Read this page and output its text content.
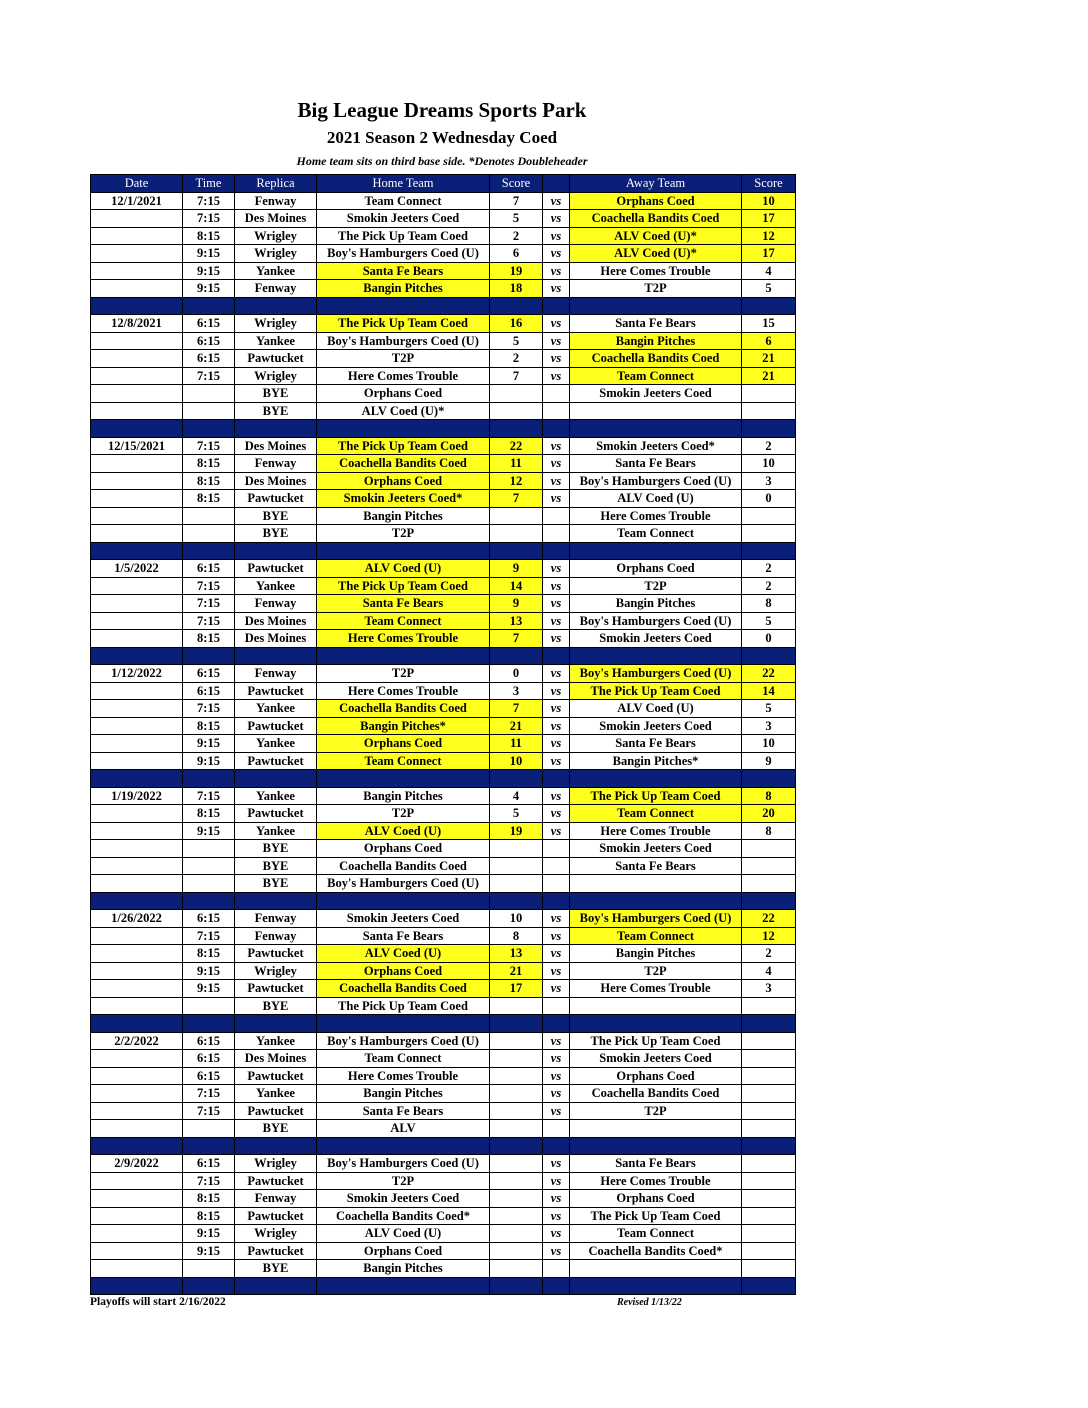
Big League Dreams Sports Park
2021 Season 2 Wednesday Coed
Home team sits on third base side. *Denotes Doubleheader
Date	Time	Replica	Home Team	Score		Away Team	Score
12/1/2021	7:15	Fenway	Team Connect	7	vs	Orphans Coed	10
	7:15	Des Moines	Smokin Jeeters Coed	5	vs	Coachella Bandits Coed	17
	8:15	Wrigley	The Pick Up Team Coed	2	vs	ALV Coed (U)*	12
	9:15	Wrigley	Boy's Hamburgers Coed (U)	6	vs	ALV Coed (U)*	17
	9:15	Yankee	Santa Fe Bears	19	vs	Here Comes Trouble	4
	9:15	Fenway	Bangin Pitches	18	vs	T2P	5

12/8/2021	6:15	Wrigley	The Pick Up Team Coed	16	vs	Santa Fe Bears	15
	6:15	Yankee	Boy's Hamburgers Coed (U)	5	vs	Bangin Pitches	6
	6:15	Pawtucket	T2P	2	vs	Coachella Bandits Coed	21
	7:15	Wrigley	Here Comes Trouble	7	vs	Team Connect	21
		BYE	Orphans Coed			Smokin Jeeters Coed	
		BYE	ALV Coed (U)*				

12/15/2021	7:15	Des Moines	The Pick Up Team Coed	22	vs	Smokin Jeeters Coed*	2
	8:15	Fenway	Coachella Bandits Coed	11	vs	Santa Fe Bears	10
	8:15	Des Moines	Orphans Coed	12	vs	Boy's Hamburgers Coed (U)	3
	8:15	Pawtucket	Smokin Jeeters Coed*	7	vs	ALV Coed (U)	0
		BYE	Bangin Pitches			Here Comes Trouble	
		BYE	T2P			Team Connect	

1/5/2022	6:15	Pawtucket	ALV Coed (U)	9	vs	Orphans Coed	2
	7:15	Yankee	The Pick Up Team Coed	14	vs	T2P	2
	7:15	Fenway	Santa Fe Bears	9	vs	Bangin Pitches	8
	7:15	Des Moines	Team Connect	13	vs	Boy's Hamburgers Coed (U)	5
	8:15	Des Moines	Here Comes Trouble	7	vs	Smokin Jeeters Coed	0

1/12/2022	6:15	Fenway	T2P	0	vs	Boy's Hamburgers Coed (U)	22
	6:15	Pawtucket	Here Comes Trouble	3	vs	The Pick Up Team Coed	14
	7:15	Yankee	Coachella Bandits Coed	7	vs	ALV Coed (U)	5
	8:15	Pawtucket	Bangin Pitches*	21	vs	Smokin Jeeters Coed	3
	9:15	Yankee	Orphans Coed	11	vs	Santa Fe Bears	10
	9:15	Pawtucket	Team Connect	10	vs	Bangin Pitches*	9

1/19/2022	7:15	Yankee	Bangin Pitches	4	vs	The Pick Up Team Coed	8
	8:15	Pawtucket	T2P	5	vs	Team Connect	20
	9:15	Yankee	ALV Coed (U)	19	vs	Here Comes Trouble	8
		BYE	Orphans Coed			Smokin Jeeters Coed	
		BYE	Coachella Bandits Coed			Santa Fe Bears	
		BYE	Boy's Hamburgers Coed (U)				

1/26/2022	6:15	Fenway	Smokin Jeeters Coed	10	vs	Boy's Hamburgers Coed (U)	22
	7:15	Fenway	Santa Fe Bears	8	vs	Team Connect	12
	8:15	Pawtucket	ALV Coed (U)	13	vs	Bangin Pitches	2
	9:15	Wrigley	Orphans Coed	21	vs	T2P	4
	9:15	Pawtucket	Coachella Bandits Coed	17	vs	Here Comes Trouble	3
		BYE	The Pick Up Team Coed				

2/2/2022	6:15	Yankee	Boy's Hamburgers Coed (U)		vs	The Pick Up Team Coed	
	6:15	Des Moines	Team Connect		vs	Smokin Jeeters Coed	
	6:15	Pawtucket	Here Comes Trouble		vs	Orphans Coed	
	7:15	Yankee	Bangin Pitches		vs	Coachella Bandits Coed	
	7:15	Pawtucket	Santa Fe Bears		vs	T2P	
		BYE	ALV				

2/9/2022	6:15	Wrigley	Boy's Hamburgers Coed (U)		vs	Santa Fe Bears	
	7:15	Pawtucket	T2P		vs	Here Comes Trouble	
	8:15	Fenway	Smokin Jeeters Coed		vs	Orphans Coed	
	8:15	Pawtucket	Coachella Bandits Coed*		vs	The Pick Up Team Coed	
	9:15	Wrigley	ALV Coed (U)		vs	Team Connect	
	9:15	Pawtucket	Orphans Coed		vs	Coachella Bandits Coed*	
		BYE	Bangin Pitches				

Playoffs will start 2/16/2022	Revised 1/13/22
